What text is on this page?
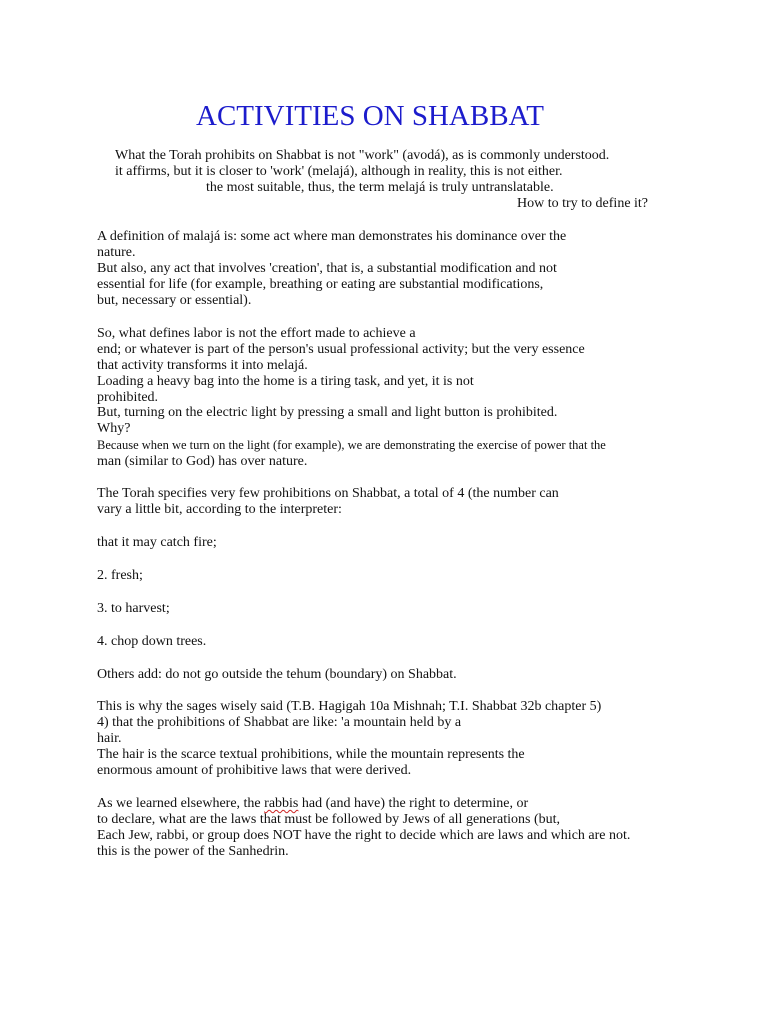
ACTIVITIES ON SHABBAT
What the Torah prohibits on Shabbat is not "work" (avodá), as is commonly understood.
it affirms, but it is closer to 'work' (melajá), although in reality, this is not either.
the most suitable, thus, the term melajá is truly untranslatable.
How to try to define it?
A definition of malajá is: some act where man demonstrates his dominance over the
nature.
But also, any act that involves 'creation', that is, a substantial modification and not
essential for life (for example, breathing or eating are substantial modifications,
but, necessary or essential).
So, what defines labor is not the effort made to achieve a
end; or whatever is part of the person's usual professional activity; but the very essence
that activity transforms it into melajá.
Loading a heavy bag into the home is a tiring task, and yet, it is not
prohibited.
But, turning on the electric light by pressing a small and light button is prohibited.
Why?
Because when we turn on the light (for example), we are demonstrating the exercise of power that the
man (similar to God) has over nature.
The Torah specifies very few prohibitions on Shabbat, a total of 4 (the number can
vary a little bit, according to the interpreter:
that it may catch fire;
2. fresh;
3. to harvest;
4. chop down trees.
Others add: do not go outside the tehum (boundary) on Shabbat.
This is why the sages wisely said (T.B. Hagigah 10a Mishnah; T.I. Shabbat 32b chapter 5)
4) that the prohibitions of Shabbat are like: 'a mountain held by a
hair.
The hair is the scarce textual prohibitions, while the mountain represents the
enormous amount of prohibitive laws that were derived.
As we learned elsewhere, the rabbis had (and have) the right to determine, or
to declare, what are the laws that must be followed by Jews of all generations (but,
Each Jew, rabbi, or group does NOT have the right to decide which are laws and which are not.
this is the power of the Sanhedrin.
